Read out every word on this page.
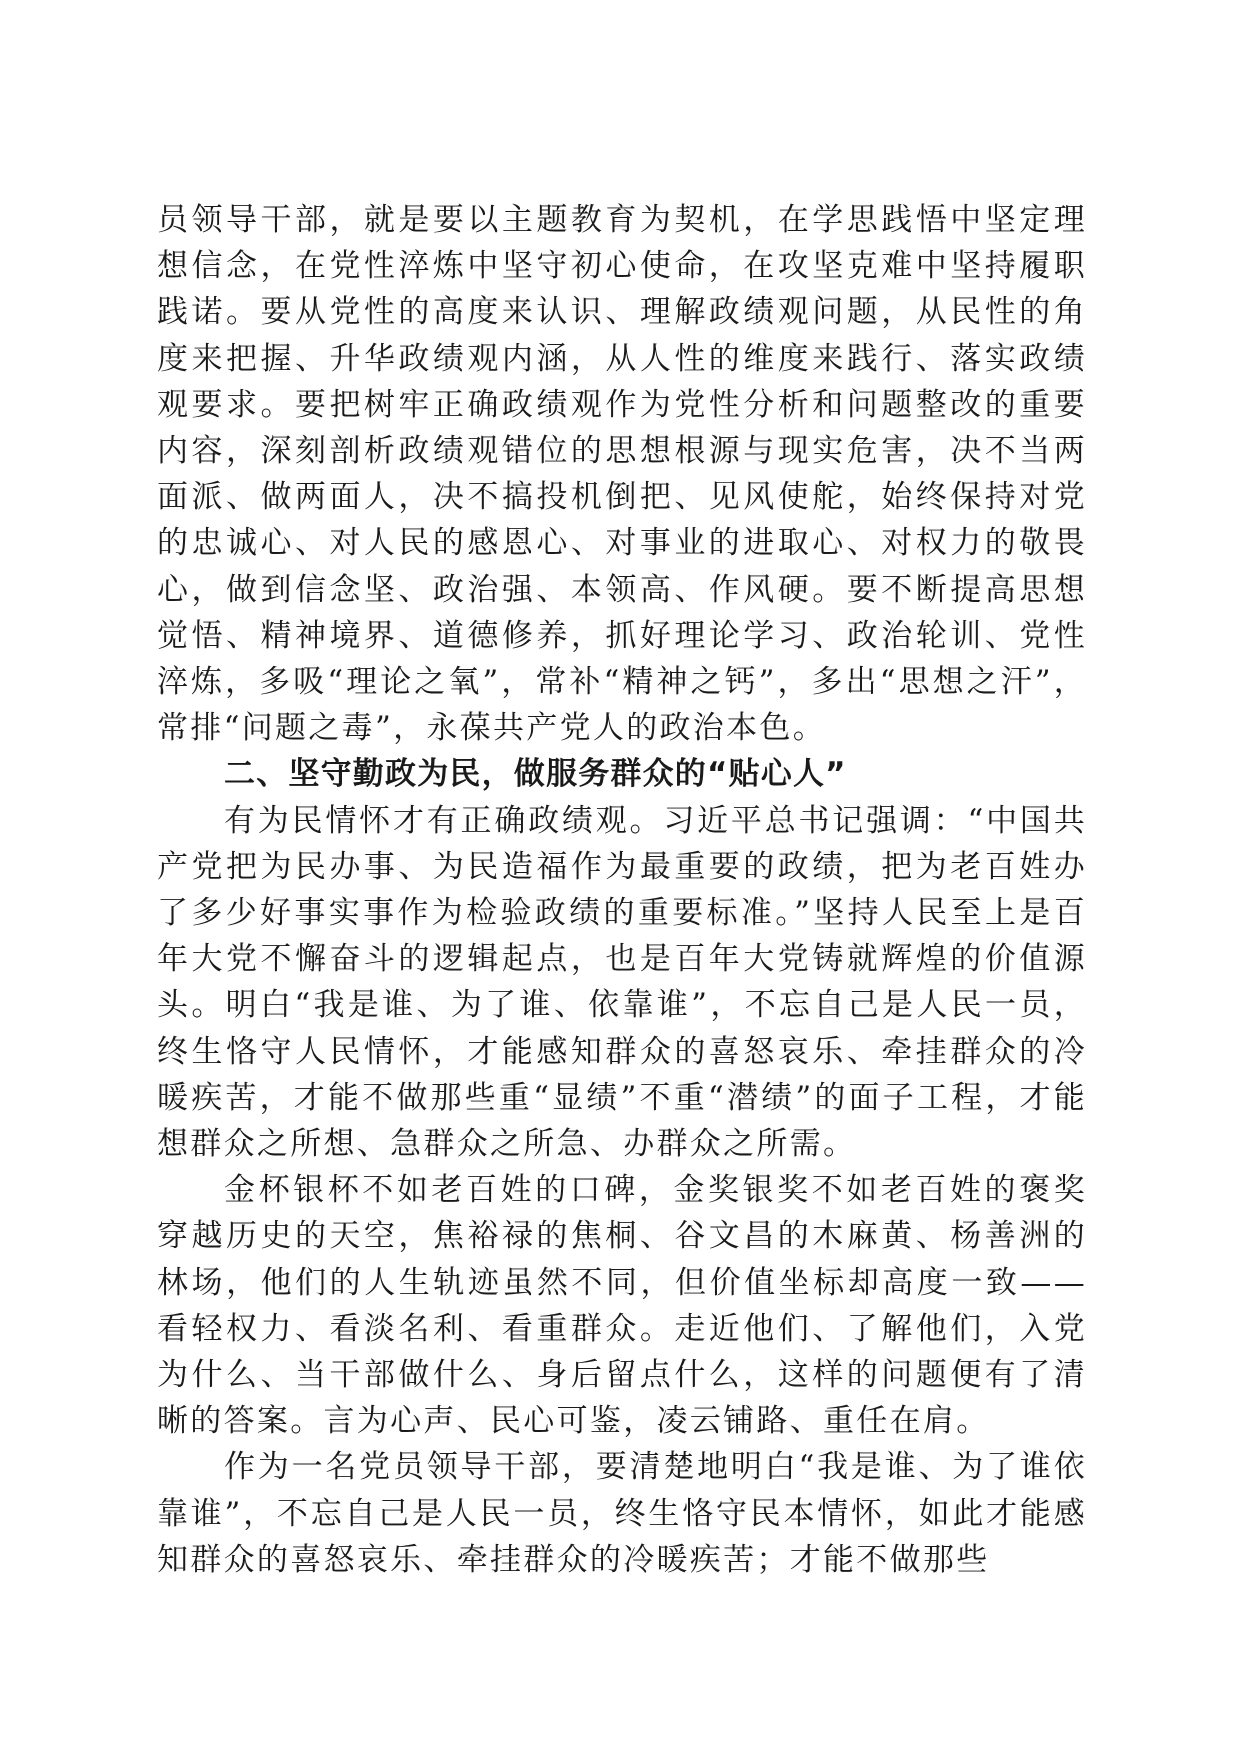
员领导干部，就是要以主题教育为契机，在学思践悟中坚定理想信念，在党性淬炼中坚守初心使命，在攻坚克难中坚持履职践诺。要从党性的高度来认识、理解政绩观问题，从民性的角度来把握、升华政绩观内涵，从人性的维度来践行、落实政绩观要求。要把树牢正确政绩观作为党性分析和问题整改的重要内容，深刻剖析政绩观错位的思想根源与现实危害，决不当两面派、做两面人，决不搞投机倒把、见风使舵，始终保持对党的忠诚心、对人民的感恩心、对事业的进取心、对权力的敬畏心，做到信念坚、政治强、本领高、作风硬。要不断提高思想觉悟、精神境界、道德修养，抓好理论学习、政治轮训、党性淬炼，多吸“理论之氧”，常补“精神之钙”，多出“思想之汗”，常排“问题之毒”，永葆共产党人的政治本色。

二、坚守勤政为民，做服务群众的“贴心人”

有为民情怀才有正确政绩观。习近平总书记强调：“中国共产党把为民办事、为民造福作为最重要的政绩，把为老百姓办了多少好事实事作为检验政绩的重要标准。”坚持人民至上是百年大党不懈奋斗的逻辑起点，也是百年大党铸就辉煌的价值源头。明白“我是谁、为了谁、依靠谁”，不忘自己是人民一员，终生恪守人民情怀，才能感知群众的喜怒哀乐、牵挂群众的冷暖疾苦，才能不做那些重“显绩”不重“潜绩”的面子工程，才能想群众之所想、急群众之所急、办群众之所需。

金杯银杯不如老百姓的口碑，金奖银奖不如老百姓的褒奖穿越历史的天空，焦裕禄的焦桐、谷文昌的木麻黄、杨善洲的林场，他们的人生轨迹虽然不同，但价值坐标却高度一致——看轻权力、看淡名利、看重群众。走近他们、了解他们，入党为什么、当干部做什么、身后留点什么，这样的问题便有了清晰的答案。言为心声、民心可鉴，凌云铺路、重任在肩。

作为一名党员领导干部，要清楚地明白“我是谁、为了谁依靠谁”，不忘自己是人民一员，终生恪守民本情怀，如此才能感知群众的喜怒哀乐、牵挂群众的冷暖疾苦；才能不做那些
